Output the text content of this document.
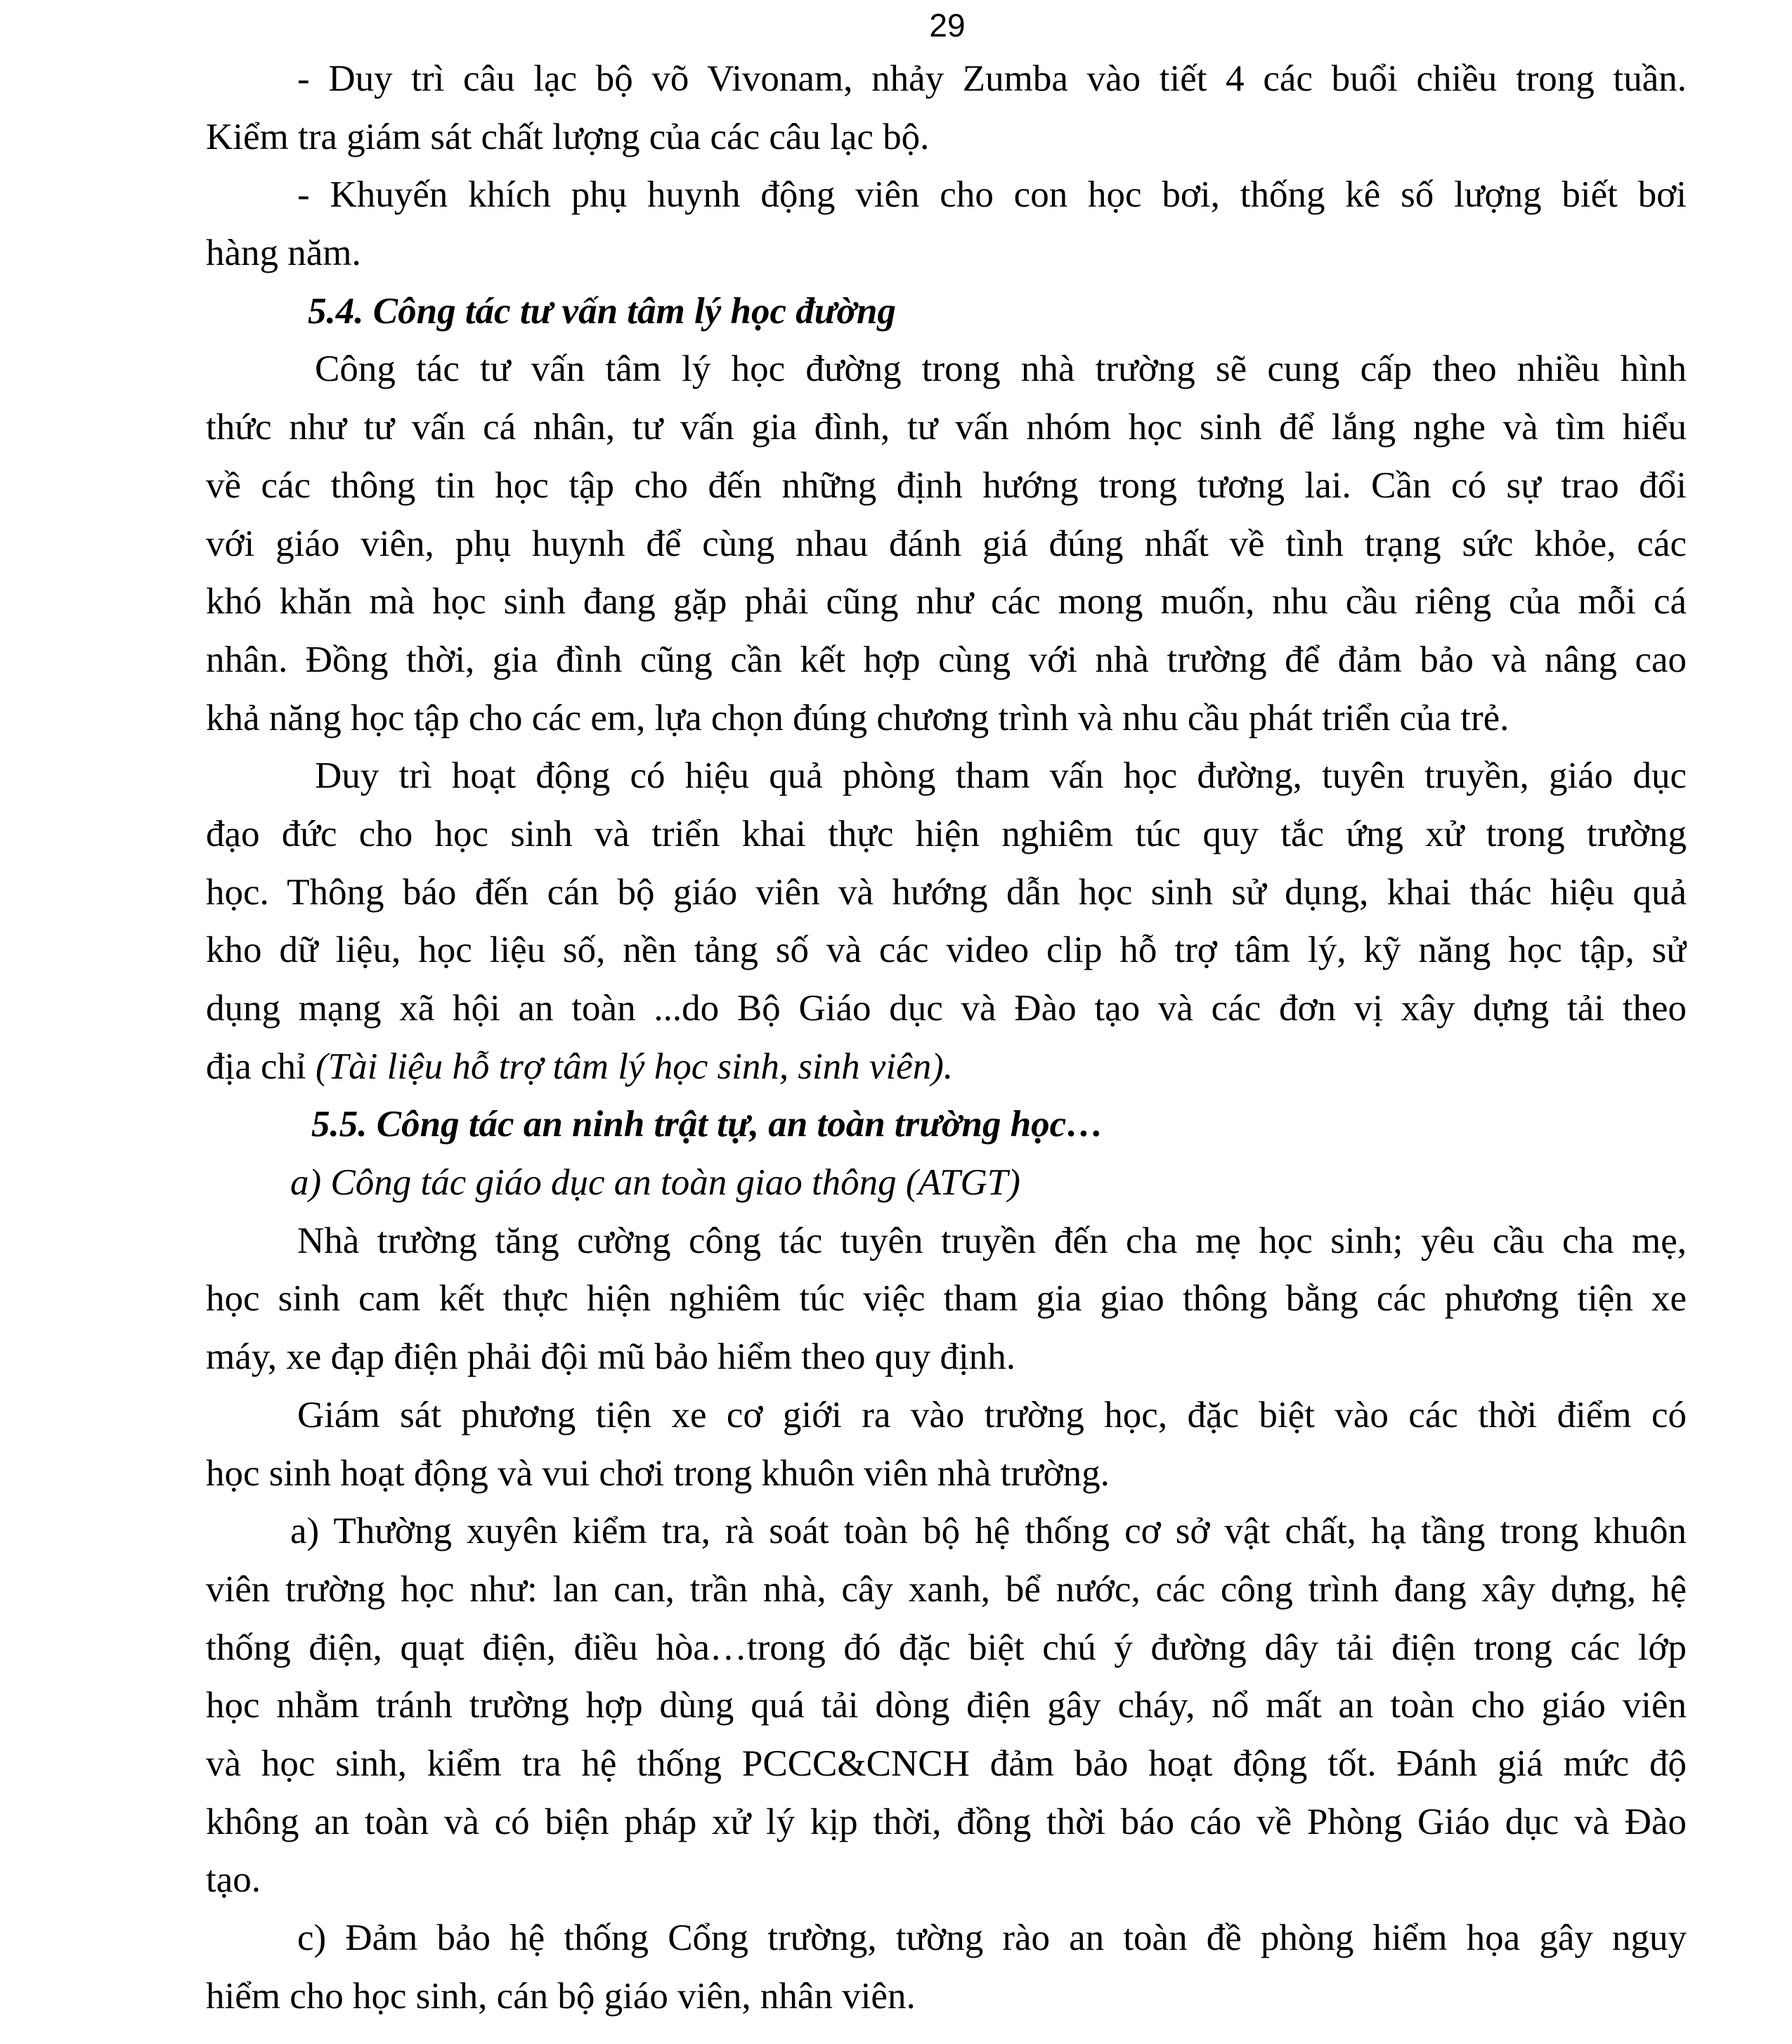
29
- Duy trì câu lạc bộ võ Vivonam, nhảy Zumba vào tiết 4 các buổi chiều trong tuần.
Kiểm tra giám sát chất lượng của các câu lạc bộ.
- Khuyến khích phụ huynh động viên cho con học bơi, thống kê số lượng biết bơi
hàng năm.
5.4. Công tác tư vấn tâm lý học đường
Công tác tư vấn tâm lý học đường trong nhà trường sẽ cung cấp theo nhiều hình
thức như tư vấn cá nhân, tư vấn gia đình, tư vấn nhóm học sinh để lắng nghe và tìm hiểu
về các thông tin học tập cho đến những định hướng trong tương lai. Cần có sự trao đổi
với giáo viên, phụ huynh để cùng nhau đánh giá đúng nhất về tình trạng sức khỏe, các
khó khăn mà học sinh đang gặp phải cũng như các mong muốn, nhu cầu riêng của mỗi cá
nhân. Đồng thời, gia đình cũng cần kết hợp cùng với nhà trường để đảm bảo và nâng cao
khả năng học tập cho các em, lựa chọn đúng chương trình và nhu cầu phát triển của trẻ.
Duy trì hoạt động có hiệu quả phòng tham vấn học đường, tuyên truyền, giáo dục
đạo đức cho học sinh và triển khai thực hiện nghiêm túc quy tắc ứng xử trong trường
học. Thông báo đến cán bộ giáo viên và hướng dẫn học sinh sử dụng, khai thác hiệu quả
kho dữ liệu, học liệu số, nền tảng số và các video clip hỗ trợ tâm lý, kỹ năng học tập, sử
dụng mạng xã hội an toàn ...do Bộ Giáo dục và Đào tạo và các đơn vị xây dựng tải theo
địa chỉ (Tài liệu hỗ trợ tâm lý học sinh, sinh viên).
5.5. Công tác an ninh trật tự, an toàn trường học…
a) Công tác giáo dục an toàn giao thông (ATGT)
Nhà trường tăng cường công tác tuyên truyền đến cha mẹ học sinh; yêu cầu cha mẹ,
học sinh cam kết thực hiện nghiêm túc việc tham gia giao thông bằng các phương tiện xe
máy, xe đạp điện phải đội mũ bảo hiểm theo quy định.
Giám sát phương tiện xe cơ giới ra vào trường học, đặc biệt vào các thời điểm có
học sinh hoạt động và vui chơi trong khuôn viên nhà trường.
a) Thường xuyên kiểm tra, rà soát toàn bộ hệ thống cơ sở vật chất, hạ tầng trong khuôn
viên trường học như: lan can, trần nhà, cây xanh, bể nước, các công trình đang xây dựng, hệ
thống điện, quạt điện, điều hòa…trong đó đặc biệt chú ý đường dây tải điện trong các lớp
học nhằm tránh trường hợp dùng quá tải dòng điện gây cháy, nổ mất an toàn cho giáo viên
và học sinh, kiểm tra hệ thống PCCC&CNCH đảm bảo hoạt động tốt. Đánh giá mức độ
không an toàn và có biện pháp xử lý kịp thời, đồng thời báo cáo về Phòng Giáo dục và Đào
tạo.
c) Đảm bảo hệ thống Cổng trường, tường rào an toàn đề phòng hiểm họa gây nguy
hiểm cho học sinh, cán bộ giáo viên, nhân viên.
